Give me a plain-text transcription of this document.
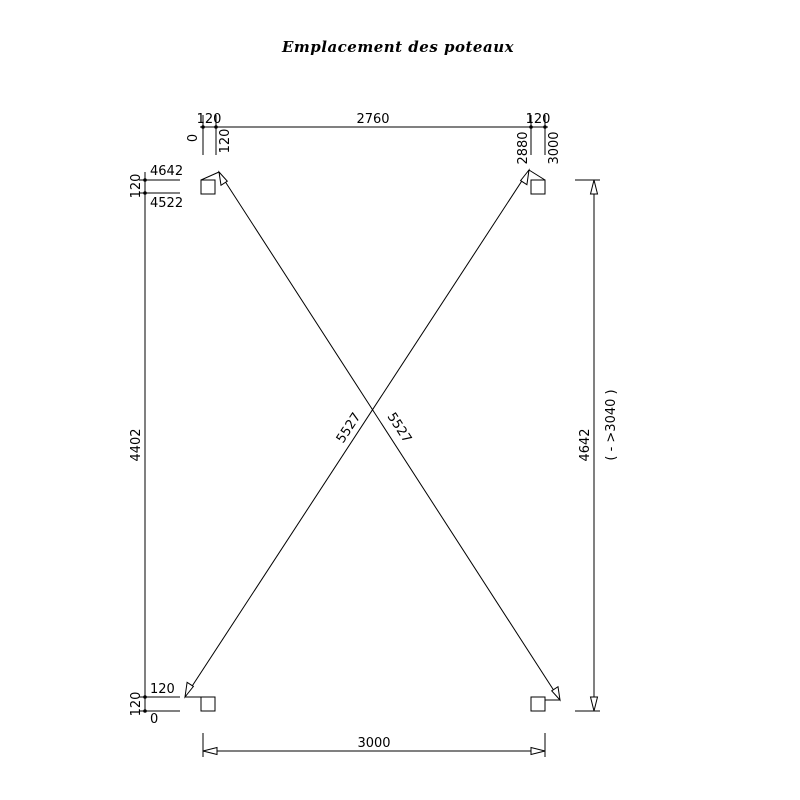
Emplacement des poteaux
120	2760	120
0 120	2880 3000
4642
120
4522
4402
120
120
0
4642 ( - >3040 )
5527 5527
3000
